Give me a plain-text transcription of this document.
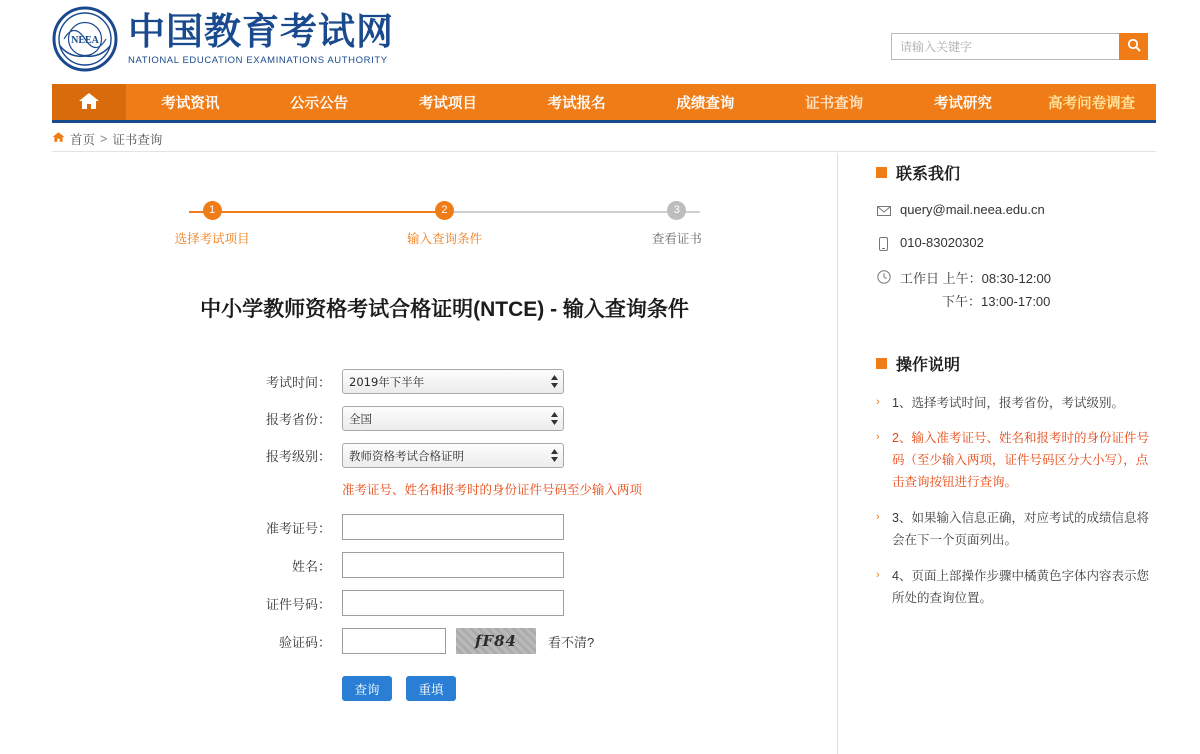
NEEA 中国教育考试网
NATIONAL EDUCATION EXAMINATIONS AUTHORITY
请输入关键字
考试资讯	公示公告	考试项目	考试报名	成绩查询	证书查询	考试研究	高考问卷调查
首页 > 证书查询
1
选择考试项目
2
输入查询条件
3
查看证书
中小学教师资格考试合格证明(NTCE) - 输入查询条件
考试时间：	2019年下半年
报考省份：	全国
报考级别：	教师资格考试合格证明
准考证号、姓名和报考时的身份证件号码至少输入两项
准考证号：
姓名：
证件号码：
验证码：	fF84	看不清?
查询	重填
联系我们
query@mail.neea.edu.cn
010-83020302
工作日 上午：08:30-12:00
下午：13:00-17:00
操作说明
› 1、选择考试时间，报考省份，考试级别。
› 2、输入准考证号、姓名和报考时的身份证件号码（至少输入两项，证件号码区分大小写），点击查询按钮进行查询。
› 3、如果输入信息正确，对应考试的成绩信息将会在下一个页面列出。
› 4、页面上部操作步骤中橘黄色字体内容表示您所处的查询位置。
